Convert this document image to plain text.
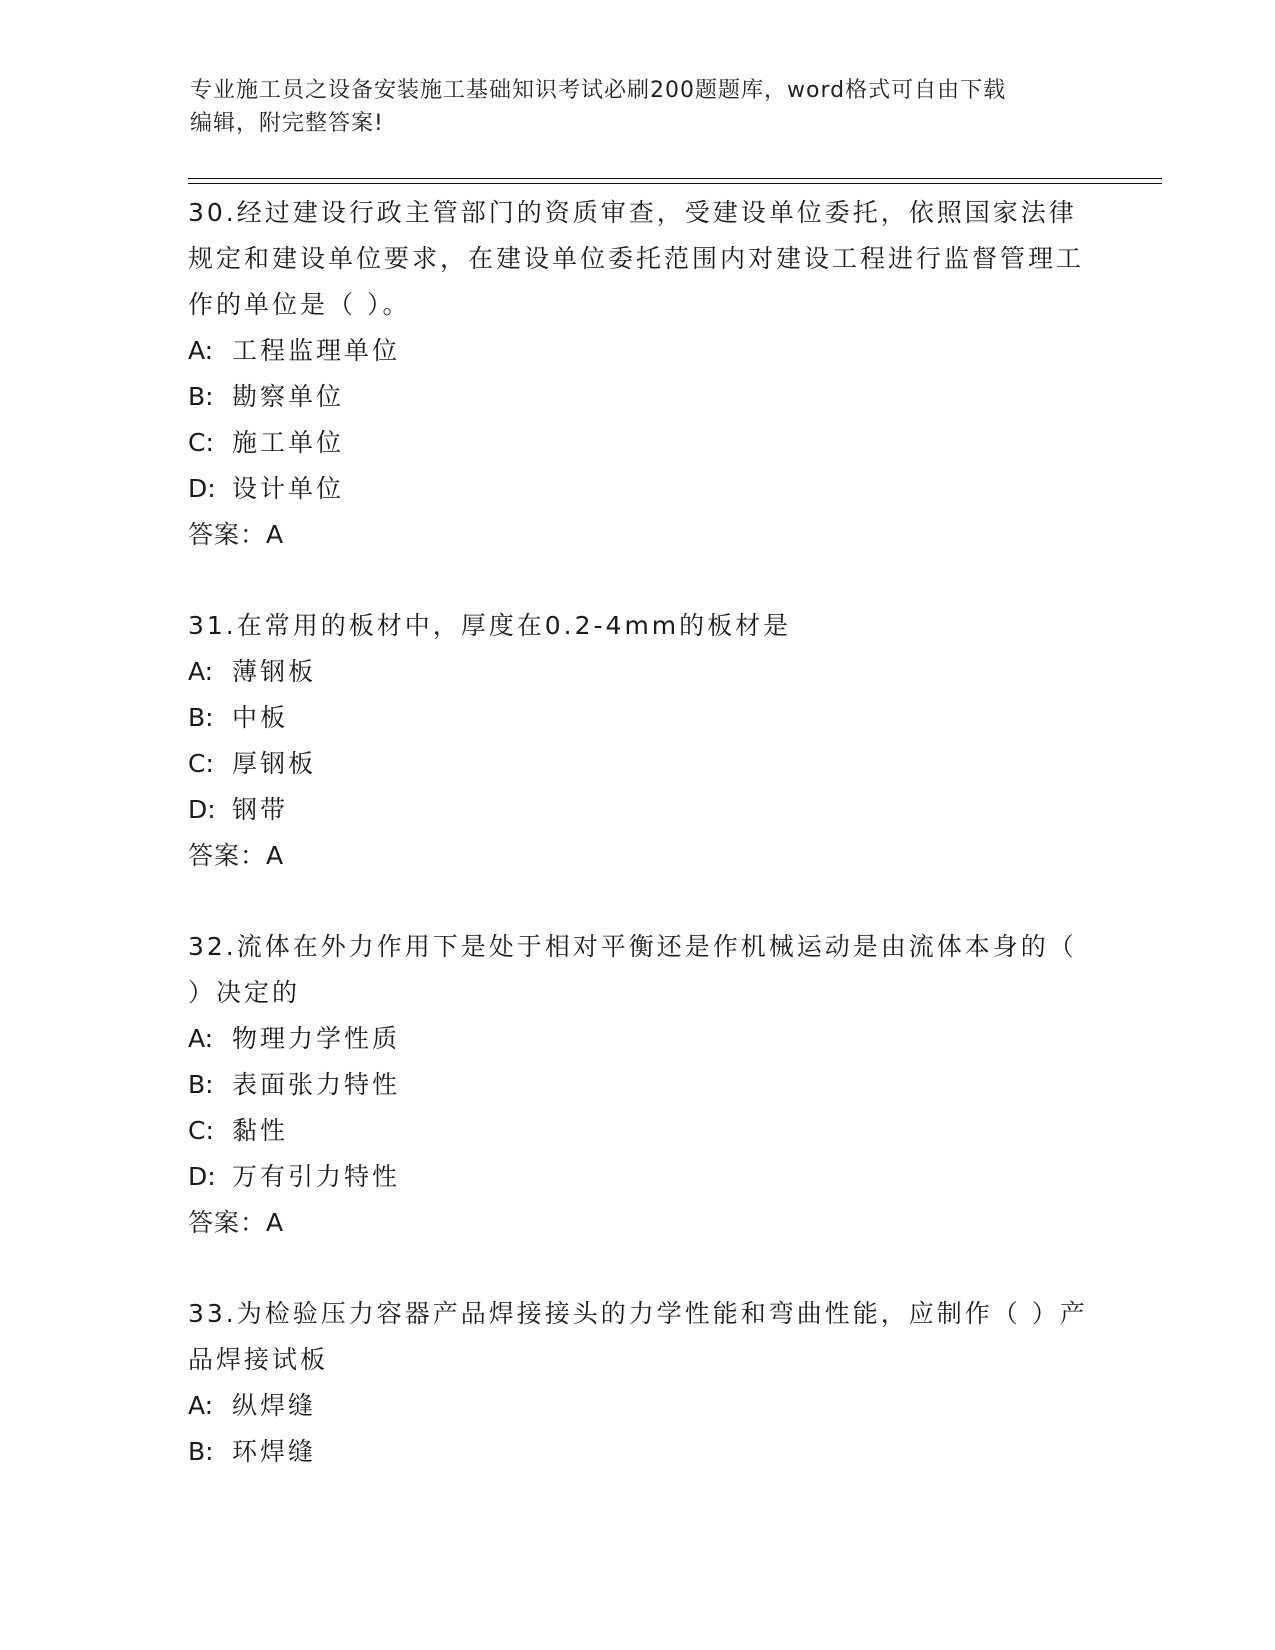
专业施工员之设备安装施工基础知识考试必刷200题题库，word格式可自由下载
编辑，附完整答案!

30.经过建设行政主管部门的资质审查，受建设单位委托，依照国家法律规定和建设单位要求，在建设单位委托范围内对建设工程进行监督管理工作的单位是（ ）。

A: 工程监理单位

B: 勘察单位

C: 施工单位

D: 设计单位

答案：A

31.在常用的板材中，厚度在0.2-4mm的板材是

A: 薄钢板

B: 中板

C: 厚钢板

D: 钢带

答案：A

32.流体在外力作用下是处于相对平衡还是作机械运动是由流体本身的（ ）决定的

A: 物理力学性质

B: 表面张力特性

C: 黏性

D: 万有引力特性

答案：A

33.为检验压力容器产品焊接接头的力学性能和弯曲性能，应制作（ ）产品焊接试板

A: 纵焊缝

B: 环焊缝
